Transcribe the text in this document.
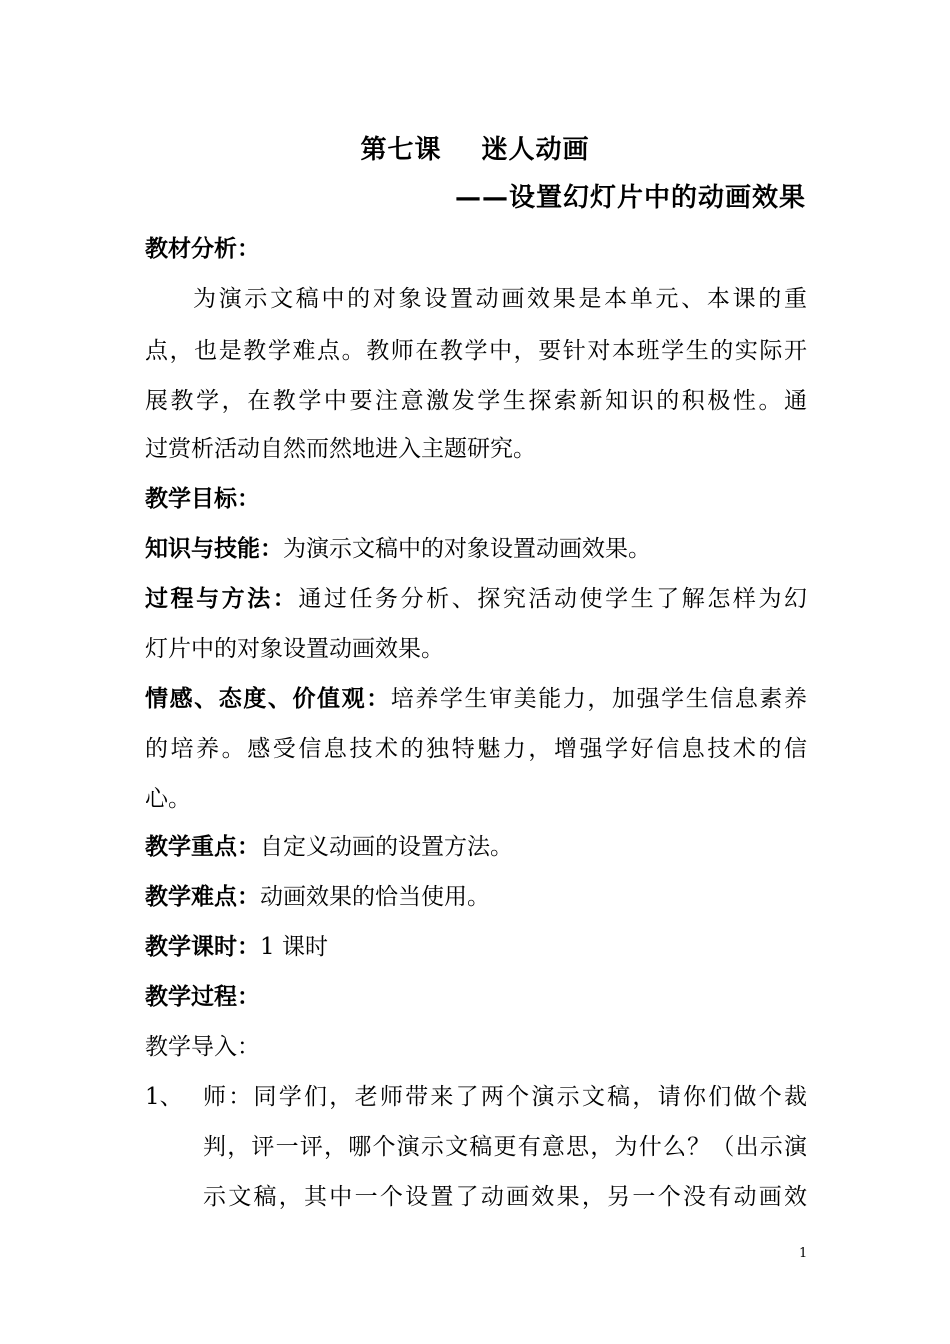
第七课 迷人动画
——设置幻灯片中的动画效果
教材分析：
为演示文稿中的对象设置动画效果是本单元、本课的重
点，也是教学难点。教师在教学中，要针对本班学生的实际开
展教学，在教学中要注意激发学生探索新知识的积极性。通
过赏析活动自然而然地进入主题研究。
教学目标：
知识与技能：为演示文稿中的对象设置动画效果。
过程与方法：通过任务分析、探究活动使学生了解怎样为幻
灯片中的对象设置动画效果。
情感、态度、价值观：培养学生审美能力，加强学生信息素养
的培养。感受信息技术的独特魅力，增强学好信息技术的信
心。
教学重点：自定义动画的设置方法。
教学难点：动画效果的恰当使用。
教学课时：1 课时
教学过程：
教学导入：
1、 师：同学们，老师带来了两个演示文稿，请你们做个裁
判，评一评，哪个演示文稿更有意思，为什么？（出示演
示文稿，其中一个设置了动画效果，另一个没有动画效
1
